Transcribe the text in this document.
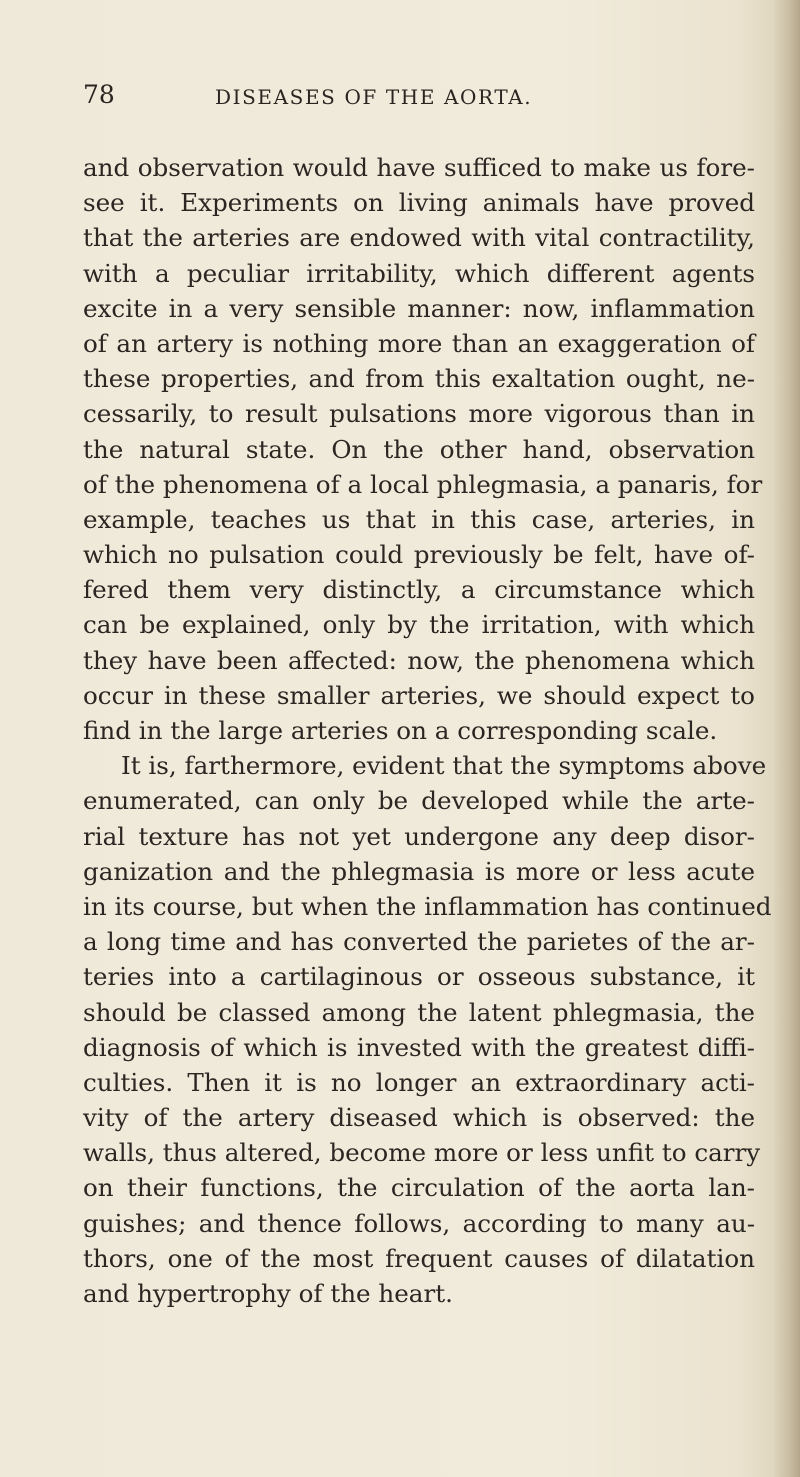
78	DISEASES OF THE AORTA.
and observation would have sufficed to make us fore-
see it. Experiments on living animals have proved
that the arteries are endowed with vital contractility,
with a peculiar irritability, which different agents
excite in a very sensible manner: now, inflammation
of an artery is nothing more than an exaggeration of
these properties, and from this exaltation ought, ne-
cessarily, to result pulsations more vigorous than in
the natural state. On the other hand, observation
of the phenomena of a local phlegmasia, a panaris, for
example, teaches us that in this case, arteries, in
which no pulsation could previously be felt, have of-
fered them very distinctly, a circumstance which
can be explained, only by the irritation, with which
they have been affected: now, the phenomena which
occur in these smaller arteries, we should expect to
find in the large arteries on a corresponding scale.
It is, farthermore, evident that the symptoms above
enumerated, can only be developed while the arte-
rial texture has not yet undergone any deep disor-
ganization and the phlegmasia is more or less acute
in its course, but when the inflammation has continued
a long time and has converted the parietes of the ar-
teries into a cartilaginous or osseous substance, it
should be classed among the latent phlegmasia, the
diagnosis of which is invested with the greatest diffi-
culties. Then it is no longer an extraordinary acti-
vity of the artery diseased which is observed: the
walls, thus altered, become more or less unfit to carry
on their functions, the circulation of the aorta lan-
guishes; and thence follows, according to many au-
thors, one of the most frequent causes of dilatation
and hypertrophy of the heart.
